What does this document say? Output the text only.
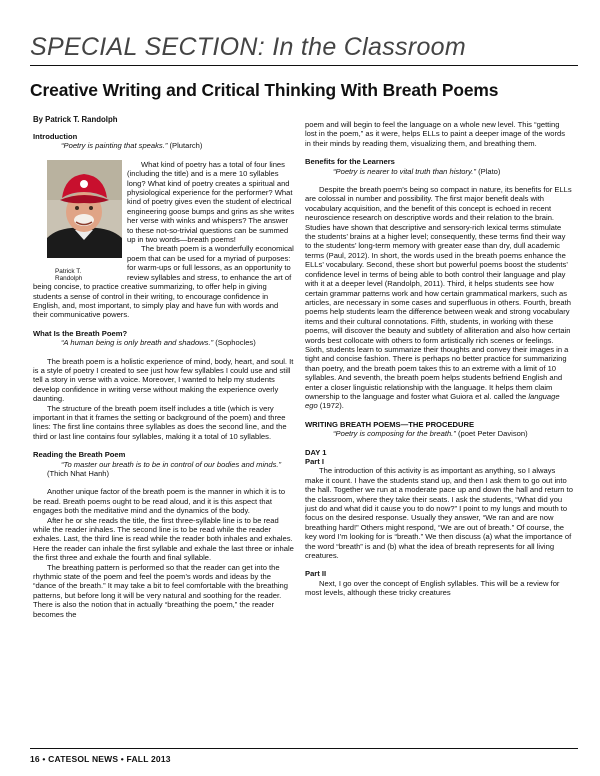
SPECIAL SECTION: In the Classroom
Creative Writing and Critical Thinking With Breath Poems
By Patrick T. Randolph

Introduction

“Poetry is painting that speaks.” (Plutarch)

Patrick T.
Randolph

What kind of poetry has a total of four lines (including the title) and is a mere 10 syllables long? What kind of poetry creates a spiritual and physiological experience for the performer? What kind of poetry gives even the student of electrical engineering goose bumps and grins as she writes her verse with winks and whispers? The answer to these not-so-trivial questions can be summed up in two words—breath poems!

The breath poem is a wonderfully economical poem that can be used for a myriad of purposes: for warm-ups or full lessons, as an opportunity to review syllables and stress, to enhance the art of being concise, to practice creative summarizing, to offer help in giving students a sense of control in their writing, to encourage confidence in English, and, most important, to simply play and have fun with words and their communicative powers.

What Is the Breath Poem?

“A human being is only breath and shadows.” (Sophocles)

The breath poem is a holistic experience of mind, body, heart, and soul. It is a style of poetry I created to see just how few syllables I could use and still tell a story in verse with a voice. Moreover, I wanted to help my students develop confidence in writing verse without making the experience overly daunting.

The structure of the breath poem itself includes a title (which is very important in that it frames the setting or background of the poem) and three lines: The first line contains three syllables as does the second line, and the third or last line contains four syllables, making it a total of 10 syllables.

Reading the Breath Poem

“To master our breath is to be in control of our bodies and minds.” (Thich Nhat Hanh)

Another unique factor of the breath poem is the manner in which it is to be read. Breath poems ought to be read aloud, and it is this aspect that engages both the meditative mind and the dynamics of the body.

After he or she reads the title, the first three-syllable line is to be read while the reader inhales. The second line is to be read while the reader exhales. Last, the third line is read while the reader both inhales and exhales. Here the reader can inhale the first syllable and exhale the last three or inhale the first three and exhale the fourth and final syllable.

The breathing pattern is performed so that the reader can get into the rhythmic state of the poem and feel the poem’s words and ideas by the “dance of the breath.” It may take a bit to feel comfortable with the breathing patterns, but before long it will be very natural and soothing for the reader. There is also the notion that in actually “breathing the poem,” the reader becomes the

poem and will begin to feel the language on a whole new level. This “getting lost in the poem,” as it were, helps ELLs to paint a deeper image of the words in their minds by reading them, visualizing them, and breathing them.

Benefits for the Learners

“Poetry is nearer to vital truth than history.” (Plato)

Despite the breath poem’s being so compact in nature, its benefits for ELLs are colossal in number and possibility. The first major benefit deals with vocabulary acquisition, and the benefit of this concept is echoed in recent neuroscience research on descriptive words and their relation to the brain. Studies have shown that descriptive and sensory-rich lexical terms stimulate the students’ brains at a higher level; consequently, these terms find their way to the students’ long-term memory with greater ease than dry, dull academic terms (Paul, 2012). In short, the words used in the breath poems enhance the ELLs’ vocabulary. Second, these short but powerful poems boost the students’ confidence level in terms of being able to both control their language and play with it at a deeper level (Randolph, 2011). Third, it helps students see how certain grammar patterns work and how certain grammatical markers, such as articles, are necessary in some cases and superfluous in others. Fourth, breath poems help students learn the difference between weak and strong vocabulary items and their cultural connotations. Fifth, students, in working with these poems, will discover the beauty and subtlety of alliteration and also how certain words best collocate with others to form artistically rich scenes or feelings. Sixth, students learn to summarize their thoughts and convey their images in a tight and concise fashion. There is perhaps no better practice for summarizing than poetry, and the breath poem takes this to an extreme with a limit of 10 syllables. And seventh, the breath poem helps students befriend English and enter a closer linguistic relationship with the language. It helps them claim ownership to the language and foster what Guiora et al. called the language ego (1972).

WRITING BREATH POEMS—THE PROCEDURE

“Poetry is composing for the breath.” (poet Peter Davison)

DAY 1

Part I

The introduction of this activity is as important as anything, so I always make it count. I have the students stand up, and then I ask them to go out into the hall. Together we run at a moderate pace up and down the hall and return to the classroom, where they take their seats. I ask the students, “What did you just do and what did it cause you to do now?” I point to my lungs and mouth to focus on the desired response. Usually they answer, “We ran and are now breathing hard!” Others might respond, “We are out of breath.” Of course, the key word I’m looking for is “breath.” We then discuss (a) what the importance of the word “breath” is and (b) what the idea of breath represents for all living creatures.

Part II

Next, I go over the concept of English syllables. This will be a review for most levels, although these tricky creatures

16 • CATESOL NEWS • FALL 2013
